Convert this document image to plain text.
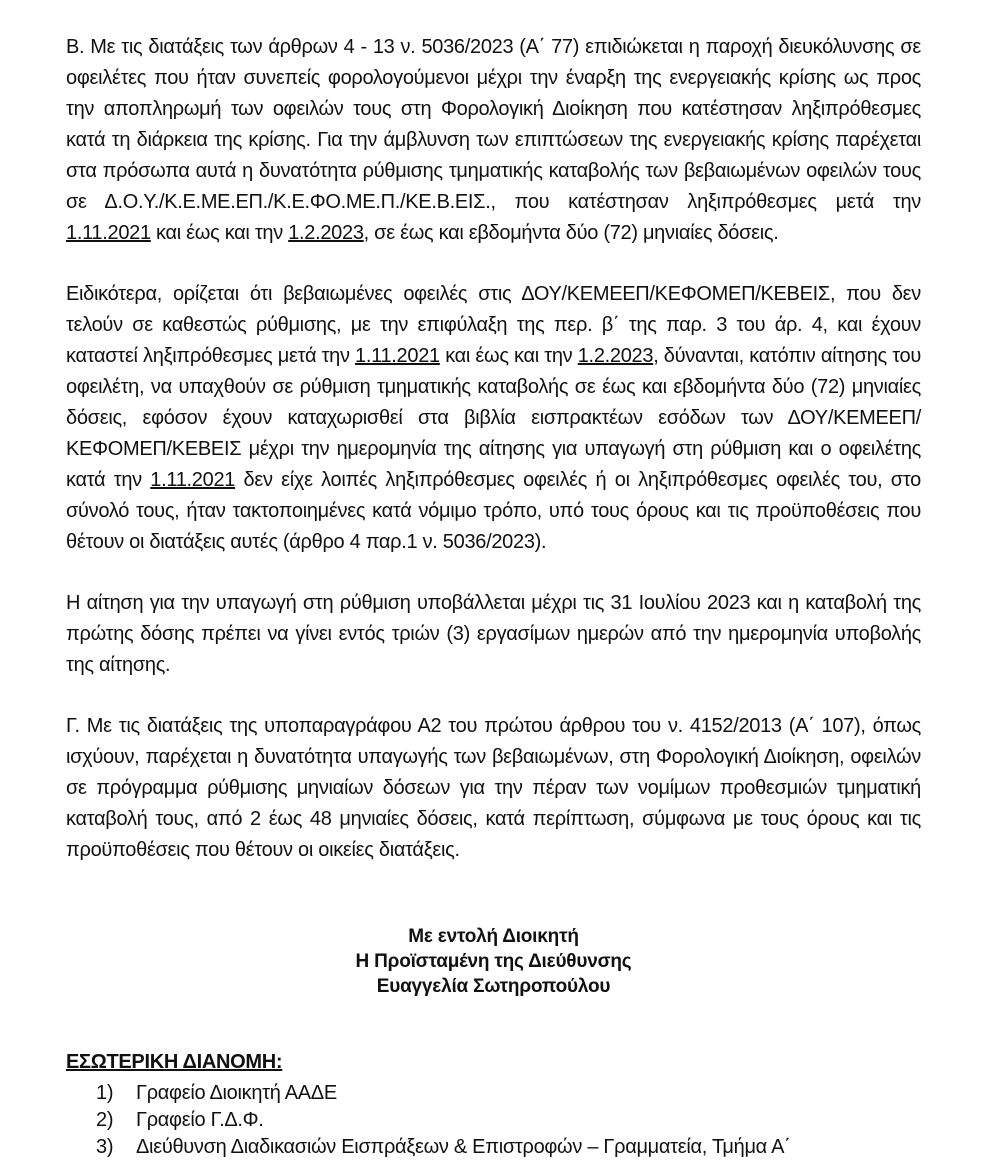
Β. Με τις διατάξεις των άρθρων 4 - 13 ν. 5036/2023 (Α΄ 77) επιδιώκεται η παροχή διευκόλυνσης σε οφειλέτες που ήταν συνεπείς φορολογούμενοι μέχρι την έναρξη της ενεργειακής κρίσης ως προς την αποπληρωμή των οφειλών τους στη Φορολογική Διοίκηση που κατέστησαν ληξιπρόθεσμες κατά τη διάρκεια της κρίσης. Για την άμβλυνση των επιπτώσεων της ενεργειακής κρίσης παρέχεται στα πρόσωπα αυτά η δυνατότητα ρύθμισης τμηματικής καταβολής των βεβαιωμένων οφειλών τους σε Δ.Ο.Υ./Κ.Ε.ΜΕ.ΕΠ./Κ.Ε.ΦΟ.ΜΕ.Π./ΚΕ.Β.ΕΙΣ., που κατέστησαν ληξιπρόθεσμες μετά την 1.11.2021 και έως και την 1.2.2023, σε έως και εβδομήντα δύο (72) μηνιαίες δόσεις.

Ειδικότερα, ορίζεται ότι βεβαιωμένες οφειλές στις ΔΟΥ/ΚΕΜΕΕΠ/ΚΕΦΟΜΕΠ/ΚΕΒΕΙΣ, που δεν τελούν σε καθεστώς ρύθμισης, με την επιφύλαξη της περ. β΄ της παρ. 3 του άρ. 4, και έχουν καταστεί ληξιπρόθεσμες μετά την 1.11.2021 και έως και την 1.2.2023, δύνανται, κατόπιν αίτησης του οφειλέτη, να υπαχθούν σε ρύθμιση τμηματικής καταβολής σε έως και εβδομήντα δύο (72) μηνιαίες δόσεις, εφόσον έχουν καταχωρισθεί στα βιβλία εισπρακτέων εσόδων των ΔΟΥ/ΚΕΜΕΕΠ/ΚΕΦΟΜΕΠ/ΚΕΒΕΙΣ μέχρι την ημερομηνία της αίτησης για υπαγωγή στη ρύθμιση και ο οφειλέτης κατά την 1.11.2021 δεν είχε λοιπές ληξιπρόθεσμες οφειλές ή οι ληξιπρόθεσμες οφειλές του, στο σύνολό τους, ήταν τακτοποιημένες κατά νόμιμο τρόπο, υπό τους όρους και τις προϋποθέσεις που θέτουν οι διατάξεις αυτές (άρθρο 4 παρ.1 ν. 5036/2023).

Η αίτηση για την υπαγωγή στη ρύθμιση υποβάλλεται μέχρι τις 31 Ιουλίου 2023 και η καταβολή της πρώτης δόσης πρέπει να γίνει εντός τριών (3) εργασίμων ημερών από την ημερομηνία υποβολής της αίτησης.

Γ. Με τις διατάξεις της υποπαραγράφου Α2 του πρώτου άρθρου του ν. 4152/2013 (Α΄ 107), όπως ισχύουν, παρέχεται η δυνατότητα υπαγωγής των βεβαιωμένων, στη Φορολογική Διοίκηση, οφειλών σε πρόγραμμα ρύθμισης μηνιαίων δόσεων για την πέραν των νομίμων προθεσμιών τμηματική καταβολή τους, από 2 έως 48 μηνιαίες δόσεις, κατά περίπτωση, σύμφωνα με τους όρους και τις προϋποθέσεις που θέτουν οι οικείες διατάξεις.

Με εντολή Διοικητή
Η Προϊσταμένη της Διεύθυνσης
Ευαγγελία Σωτηροπούλου
ΕΣΩΤΕΡΙΚΗ ΔΙΑΝΟΜΗ:
1)	Γραφείο Διοικητή ΑΑΔΕ
2)	Γραφείο Γ.Δ.Φ.
3)	Διεύθυνση Διαδικασιών Εισπράξεων & Επιστροφών – Γραμματεία, Τμήμα Α΄
